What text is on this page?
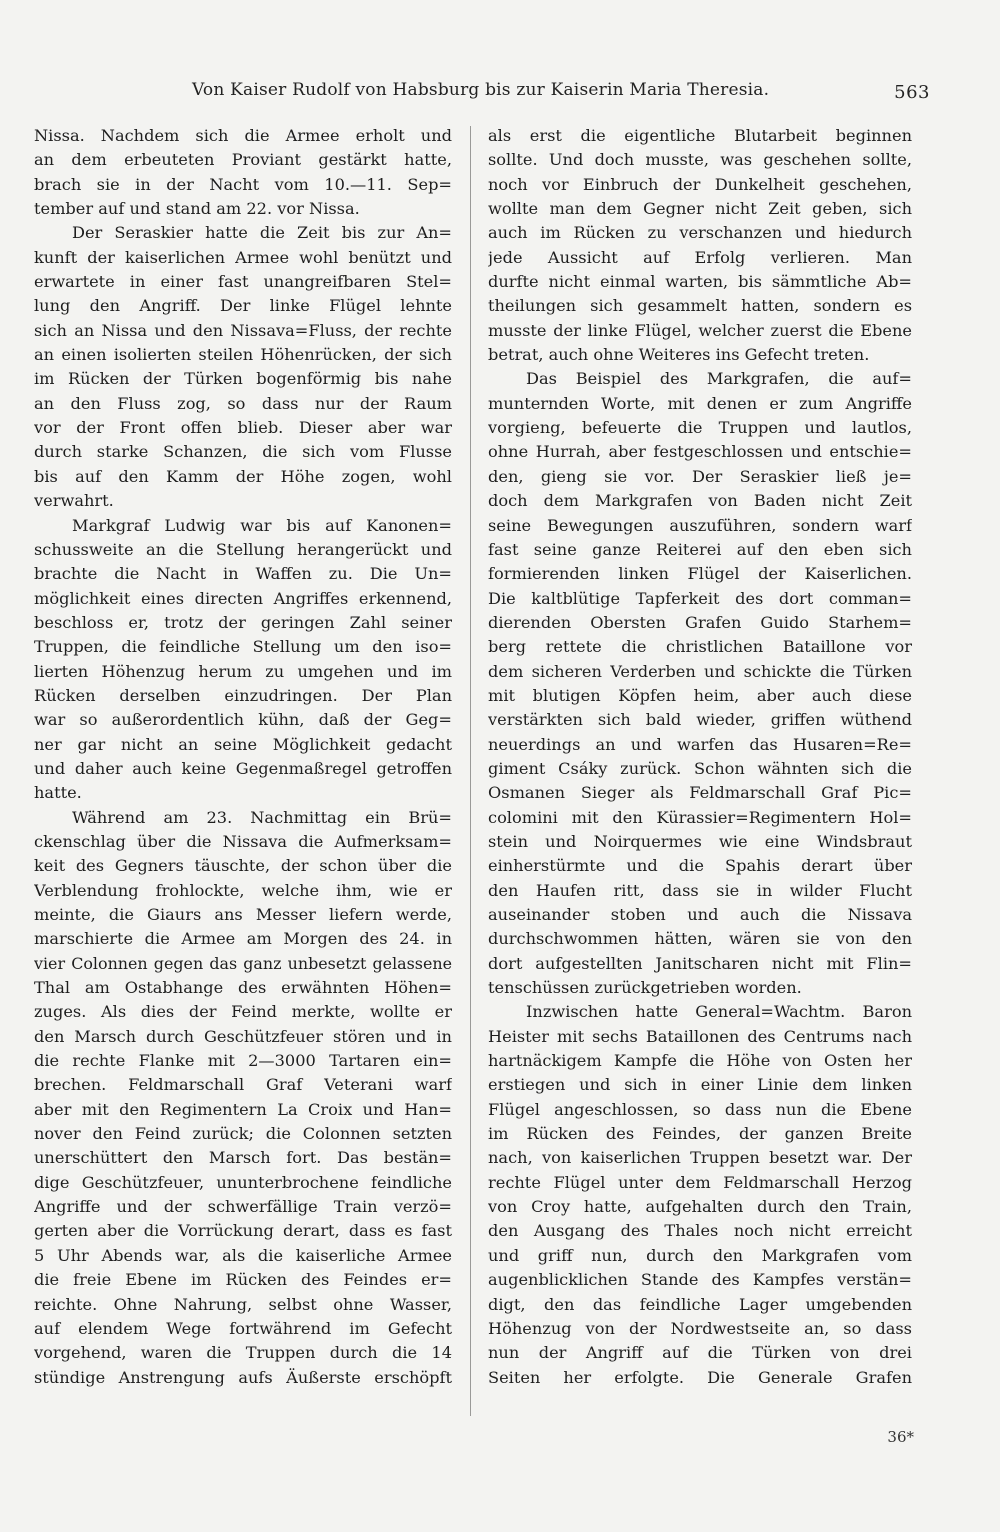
Von Kaiser Rudolf von Habsburg bis zur Kaiserin Maria Theresia.	563
Nissa. Nachdem sich die Armee erholt und
an dem erbeuteten Proviant gestärkt hatte,
brach sie in der Nacht vom 10.—11. Sep=
tember auf und stand am 22. vor Nissa.
Der Seraskier hatte die Zeit bis zur An=
kunft der kaiserlichen Armee wohl benützt und
erwartete in einer fast unangreifbaren Stel=
lung den Angriff. Der linke Flügel lehnte
sich an Nissa und den Nissava=Fluss, der rechte
an einen isolierten steilen Höhenrücken, der sich
im Rücken der Türken bogenförmig bis nahe
an den Fluss zog, so dass nur der Raum
vor der Front offen blieb. Dieser aber war
durch starke Schanzen, die sich vom Flusse
bis auf den Kamm der Höhe zogen, wohl
verwahrt.
Markgraf Ludwig war bis auf Kanonen=
schussweite an die Stellung herangerückt und
brachte die Nacht in Waffen zu. Die Un=
möglichkeit eines directen Angriffes erkennend,
beschloss er, trotz der geringen Zahl seiner
Truppen, die feindliche Stellung um den iso=
lierten Höhenzug herum zu umgehen und im
Rücken derselben einzudringen. Der Plan
war so außerordentlich kühn, daß der Geg=
ner gar nicht an seine Möglichkeit gedacht
und daher auch keine Gegenmaßregel getroffen
hatte.
Während am 23. Nachmittag ein Brü=
ckenschlag über die Nissava die Aufmerksam=
keit des Gegners täuschte, der schon über die
Verblendung frohlockte, welche ihm, wie er
meinte, die Giaurs ans Messer liefern werde,
marschierte die Armee am Morgen des 24. in
vier Colonnen gegen das ganz unbesetzt gelassene
Thal am Ostabhange des erwähnten Höhen=
zuges. Als dies der Feind merkte, wollte er
den Marsch durch Geschützfeuer stören und in
die rechte Flanke mit 2—3000 Tartaren ein=
brechen. Feldmarschall Graf Veterani warf
aber mit den Regimentern La Croix und Han=
nover den Feind zurück; die Colonnen setzten
unerschüttert den Marsch fort. Das bestän=
dige Geschützfeuer, ununterbrochene feindliche
Angriffe und der schwerfällige Train verzö=
gerten aber die Vorrückung derart, dass es fast
5 Uhr Abends war, als die kaiserliche Armee
die freie Ebene im Rücken des Feindes er=
reichte. Ohne Nahrung, selbst ohne Wasser,
auf elendem Wege fortwährend im Gefecht
vorgehend, waren die Truppen durch die 14
stündige Anstrengung aufs Äußerste erschöpft
als erst die eigentliche Blutarbeit beginnen
sollte. Und doch musste, was geschehen sollte,
noch vor Einbruch der Dunkelheit geschehen,
wollte man dem Gegner nicht Zeit geben, sich
auch im Rücken zu verschanzen und hiedurch
jede Aussicht auf Erfolg verlieren. Man
durfte nicht einmal warten, bis sämmtliche Ab=
theilungen sich gesammelt hatten, sondern es
musste der linke Flügel, welcher zuerst die Ebene
betrat, auch ohne Weiteres ins Gefecht treten.
Das Beispiel des Markgrafen, die auf=
munternden Worte, mit denen er zum Angriffe
vorgieng, befeuerte die Truppen und lautlos,
ohne Hurrah, aber festgeschlossen und entschie=
den, gieng sie vor. Der Seraskier ließ je=
doch dem Markgrafen von Baden nicht Zeit
seine Bewegungen auszuführen, sondern warf
fast seine ganze Reiterei auf den eben sich
formierenden linken Flügel der Kaiserlichen.
Die kaltblütige Tapferkeit des dort comman=
dierenden Obersten Grafen Guido Starhem=
berg rettete die christlichen Bataillone vor
dem sicheren Verderben und schickte die Türken
mit blutigen Köpfen heim, aber auch diese
verstärkten sich bald wieder, griffen wüthend
neuerdings an und warfen das Husaren=Re=
giment Csáky zurück. Schon wähnten sich die
Osmanen Sieger als Feldmarschall Graf Pic=
colomini mit den Kürassier=Regimentern Hol=
stein und Noirquermes wie eine Windsbraut
einherstürmte und die Spahis derart über
den Haufen ritt, dass sie in wilder Flucht
auseinander stoben und auch die Nissava
durchschwommen hätten, wären sie von den
dort aufgestellten Janitscharen nicht mit Flin=
tenschüssen zurückgetrieben worden.
Inzwischen hatte General=Wachtm. Baron
Heister mit sechs Bataillonen des Centrums nach
hartnäckigem Kampfe die Höhe von Osten her
erstiegen und sich in einer Linie dem linken
Flügel angeschlossen, so dass nun die Ebene
im Rücken des Feindes, der ganzen Breite
nach, von kaiserlichen Truppen besetzt war. Der
rechte Flügel unter dem Feldmarschall Herzog
von Croy hatte, aufgehalten durch den Train,
den Ausgang des Thales noch nicht erreicht
und griff nun, durch den Markgrafen vom
augenblicklichen Stande des Kampfes verstän=
digt, den das feindliche Lager umgebenden
Höhenzug von der Nordwestseite an, so dass
nun der Angriff auf die Türken von drei
Seiten her erfolgte. Die Generale Grafen
36*
